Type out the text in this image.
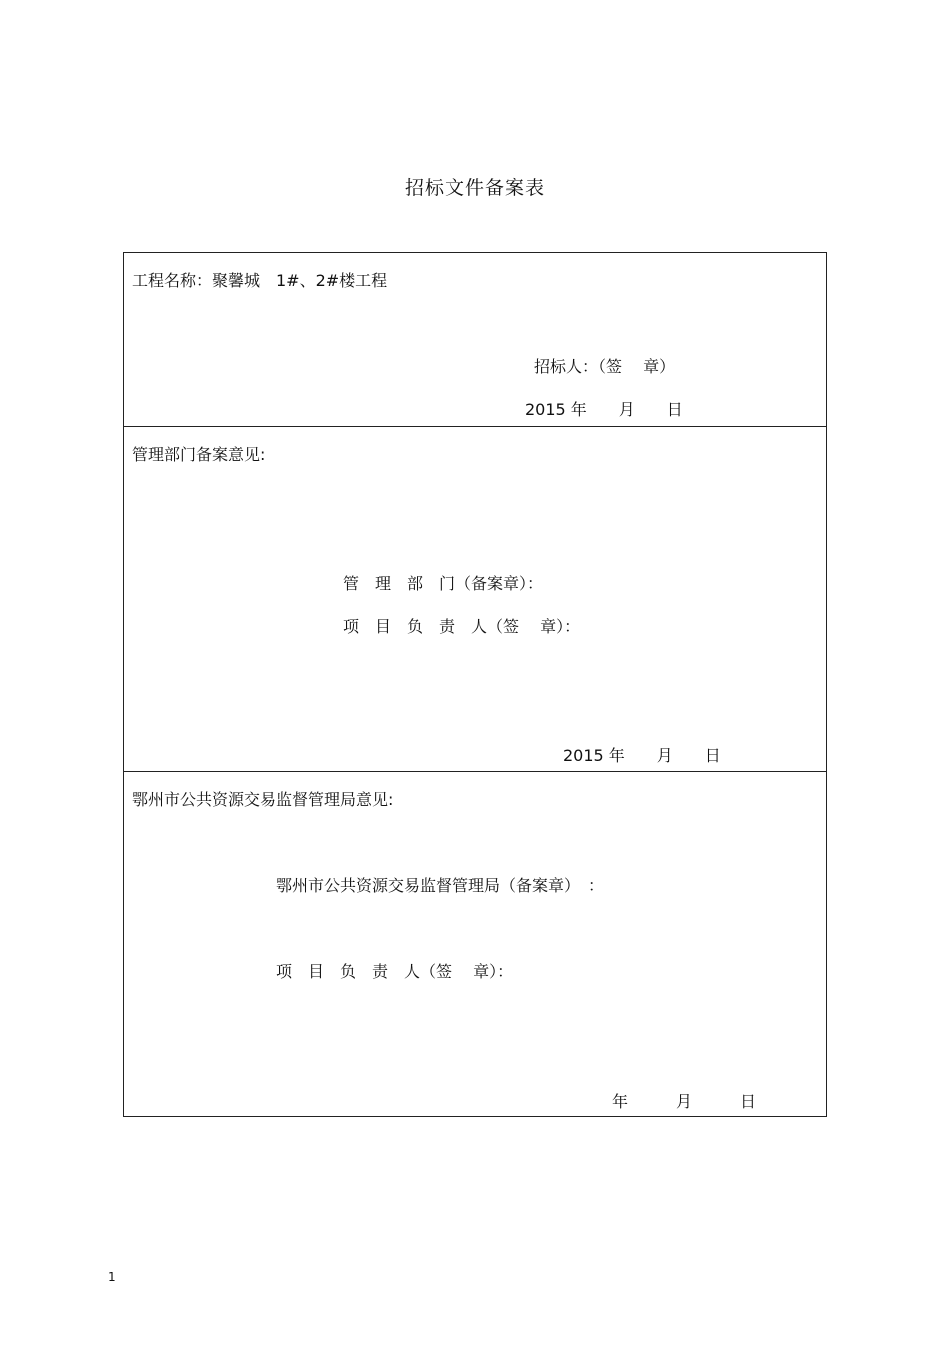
招标文件备案表
工程名称：聚馨城　1#、2#楼工程
招标人：（签　 章）
2015 年　　月　　日
管理部门备案意见:
管　理　部　门（备案章）：
项　目　负　责　人（签　 章）：
2015 年　　月　　日
鄂州市公共资源交易监督管理局意见:
鄂州市公共资源交易监督管理局（备案章）　：
项　目　负　责　人（签　 章）：
年　　　月　　　日
1
